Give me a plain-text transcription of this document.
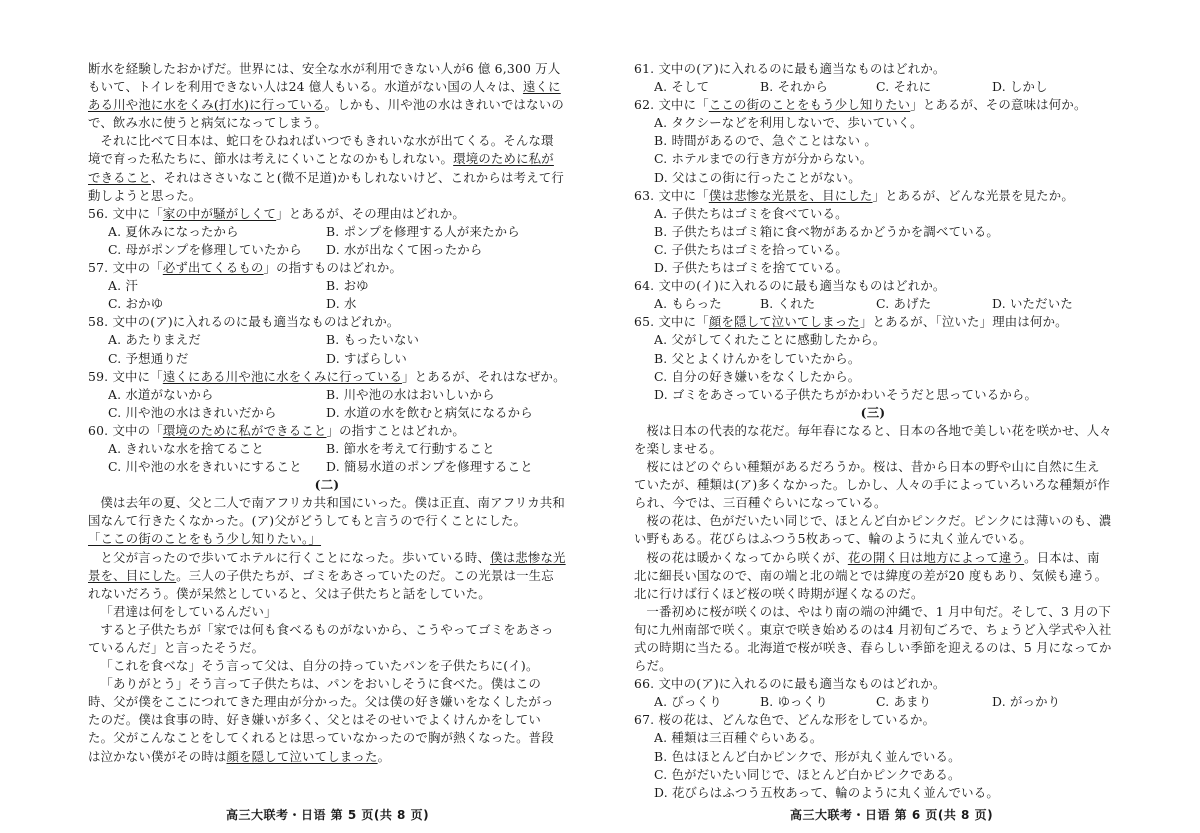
断水を経験したおかげだ。世界には、安全な水が利用できない人が6 億 6,300 万人もいて、トイレを利用できない人は24 億人もいる。水道がない国の人々は、遠くにある川や池に水をくみ(打水)に行っている。しかも、川や池の水はきれいではないので、飲み水に使うと病気になってしまう。

それに比べて日本は、蛇口をひねればいつでもきれいな水が出てくる。そんな環境で育った私たちに、節水は考えにくいことなのかもしれない。環境のために私ができること、それはささいなこと(微不足道)かもしれないけど、これからは考えて行動しようと思った。

56. 文中に「家の中が騒がしくて」とあるが、その理由はどれか。
A. 夏休みになったから	B. ポンプを修理する人が来たから
C. 母がポンプを修理していたから	D. 水が出なくて困ったから
57. 文中の「必ず出てくるもの」の指すものはどれか。
A. 汗	B. おゆ
C. おかゆ	D. 水
58. 文中の(ア)に入れるのに最も適当なものはどれか。
A. あたりまえだ	B. もったいない
C. 予想通りだ	D. すばらしい
59. 文中に「遠くにある川や池に水をくみに行っている」とあるが、それはなぜか。
A. 水道がないから	B. 川や池の水はおいしいから
C. 川や池の水はきれいだから	D. 水道の水を飲むと病気になるから
60. 文中の「環境のために私ができること」の指すことはどれか。
A. きれいな水を捨てること	B. 節水を考えて行動すること
C. 川や池の水をきれいにすること	D. 簡易水道のポンプを修理すること

(二)

僕は去年の夏、父と二人で南アフリカ共和国にいった。僕は正直、南アフリカ共和国なんて行きたくなかった。(ア)父がどうしてもと言うので行くことにした。

「ここの街のことをもう少し知りたい。」

と父が言ったので歩いてホテルに行くことになった。歩いている時、僕は悲惨な光景を、目にした。三人の子供たちが、ゴミをあさっていたのだ。この光景は一生忘れないだろう。僕が呆然としていると、父は子供たちと話をしていた。

「君達は何をしているんだい」

すると子供たちが「家では何も食べるものがないから、こうやってゴミをあさっているんだ」と言ったそうだ。

「これを食べな」そう言って父は、自分の持っていたパンを子供たちに(イ)。

「ありがとう」そう言って子供たちは、パンをおいしそうに食べた。僕はこの時、父が僕をここにつれてきた理由が分かった。父は僕の好き嫌いをなくしたがったのだ。僕は食事の時、好き嫌いが多く、父とはそのせいでよくけんかをしていた。父がこんなことをしてくれるとは思っていなかったので胸が熱くなった。普段は泣かない僕がその時は顔を隠して泣いてしまった。

61. 文中の(ア)に入れるのに最も適当なものはどれか。
A. そして	B. それから	C. それに	D. しかし
62. 文中に「ここの街のことをもう少し知りたい」とあるが、その意味は何か。
A. タクシーなどを利用しないで、歩いていく。
B. 時間があるので、急ぐことはない 。
C. ホテルまでの行き方が分からない。
D. 父はこの街に行ったことがない。
63. 文中に「僕は悲惨な光景を、目にした」とあるが、どんな光景を見たか。
A. 子供たちはゴミを食べている。
B. 子供たちはゴミ箱に食べ物があるかどうかを調べている。
C. 子供たちはゴミを拾っている。
D. 子供たちはゴミを捨てている。
64. 文中の(イ)に入れるのに最も適当なものはどれか。
A. もらった	B. くれた	C. あげた	D. いただいた
65. 文中に「顔を隠して泣いてしまった」とあるが、「泣いた」理由は何か。
A. 父がしてくれたことに感動したから。
B. 父とよくけんかをしていたから。
C. 自分の好き嫌いをなくしたから。
D. ゴミをあさっている子供たちがかわいそうだと思っているから。

(三)

桜は日本の代表的な花だ。毎年春になると、日本の各地で美しい花を咲かせ、人々を楽しませる。

桜にはどのぐらい種類があるだろうか。桜は、昔から日本の野や山に自然に生えていたが、種類は(ア)多くなかった。しかし、人々の手によっていろいろな種類が作られ、今では、三百種ぐらいになっている。

桜の花は、色がだいたい同じで、ほとんど白かピンクだ。ピンクには薄いのも、濃い野もある。花びらはふつう5枚あって、輪のように丸く並んでいる。

桜の花は暖かくなってから咲くが、花の開く日は地方によって違う。日本は、南北に細長い国なので、南の端と北の端とでは緯度の差が20 度もあり、気候も違う。北に行けば行くほど桜の咲く時期が遅くなるのだ。

一番初めに桜が咲くのは、やはり南の端の沖縄で、1 月中旬だ。そして、3 月の下旬に九州南部で咲く。東京で咲き始めるのは4 月初旬ごろで、ちょうど入学式や入社式の時期に当たる。北海道で桜が咲き、春らしい季節を迎えるのは、5 月になってからだ。

66. 文中の(ア)に入れるのに最も適当なものはどれか。
A. びっくり	B. ゆっくり	C. あまり	D. がっかり
67. 桜の花は、どんな色で、どんな形をしているか。
A. 種類は三百種ぐらいある。
B. 色はほとんど白かピンクで、形が丸く並んでいる。
C. 色がだいたい同じで、ほとんど白かピンクである。
D. 花びらはふつう五枚あって、輪のように丸く並んでいる。
高三大联考・日语 第 5 页(共 8 页)	高三大联考・日语 第 6 页(共 8 页)
